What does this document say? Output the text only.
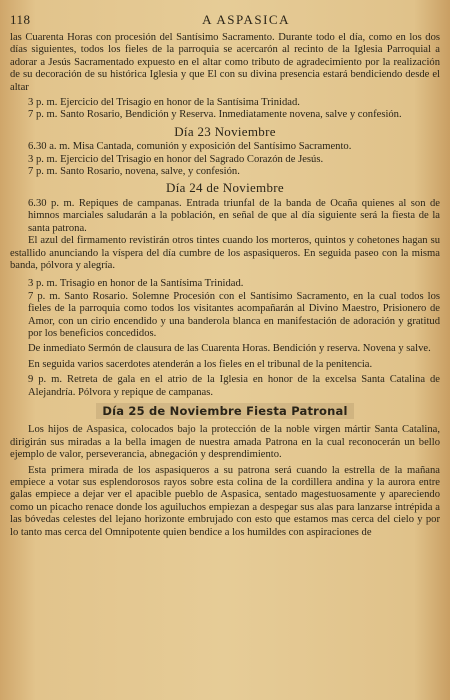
118	A ASPASICA

las Cuarenta Horas con procesión del Santísimo Sacramento. Durante todo el día, como en los dos días siguientes, todos los fieles de la parroquia se acercarón al recinto de la Iglesia Parroquial a adorar a Jesús Sacramentado expuesto en el altar como tributo de agradecimiento por la realización de su decoración de su histórica Iglesia y que El con su divina presencia estará bendiciendo desde el altar

3 p. m. Ejercicio del Trisagio en honor de la Santísima Trinidad.

7 p. m. Santo Rosario, Bendición y Reserva. Inmediatamente novena, salve y confesión.

Día 23 Noviembre

6.30 a. m. Misa Cantada, comunión y exposición del Santísimo Sacramento.

3 p. m. Ejercicio del Trisagio en honor del Sagrado Corazón de Jesús.

7 p. m. Santo Rosario, novena, salve, y confesión.

Día 24 de Noviembre

6.30 p. m. Repiques de campanas. Entrada triunfal de la banda de Ocaña quienes al son de himnos marciales saludarán a la población, en señal de que al día siguiente será la fiesta de la santa patrona.

El azul del firmamento revistirán otros tintes cuando los morteros, quintos y cohetones hagan su estallido anunciando la víspera del día cumbre de los aspasiqueros. En seguida paseo con la misma banda, pólvora y alegría.

3 p. m. Trisagio en honor de la Santísima Trinidad.

7 p. m. Santo Rosario. Solemne Procesión con el Santísimo Sacramento, en la cual todos los fieles de la parroquia como todos los visitantes acompañarán al Divino Maestro, Prisionero de Amor, con un cirio encendido y una banderola blanca en manifestación de adoración y gratitud por los beneficios concedidos.

De inmediato Sermón de clausura de las Cuarenta Horas. Bendición y reserva. Novena y salve.

En seguida varios sacerdotes atenderán a los fieles en el tribunal de la penitencia.

9 p. m. Retreta de gala en el atrio de la Iglesia en honor de la excelsa Santa Catalina de Alejandría. Pólvora y repique de campanas.

Día 25 de Noviembre Fiesta Patronal

Los hijos de Aspasica, colocados bajo la protección de la noble virgen mártir Santa Catalina, dirigirán sus miradas a la bella imagen de nuestra amada Patrona en la cual reconocerán un bello ejemplo de valor, perseverancia, abnegación y desprendimiento.

Esta primera mirada de los aspasiqueros a su patrona será cuando la estrella de la mañana empiece a votar sus esplendorosos rayos sobre esta colina de la cordillera andina y la aurora entre galas empiece a dejar ver el apacible pueblo de Aspasica, sentado magestuosamente y apareciendo como un picacho renace donde los aguiluchos empiezan a despegar sus alas para lanzarse intrépida a las bóvedas celestes del lejano horizonte embrujado con esto que estamos mas cerca del cielo y por lo tanto mas cerca del Omnipotente quien bendice a los humildes con aspiraciones de
